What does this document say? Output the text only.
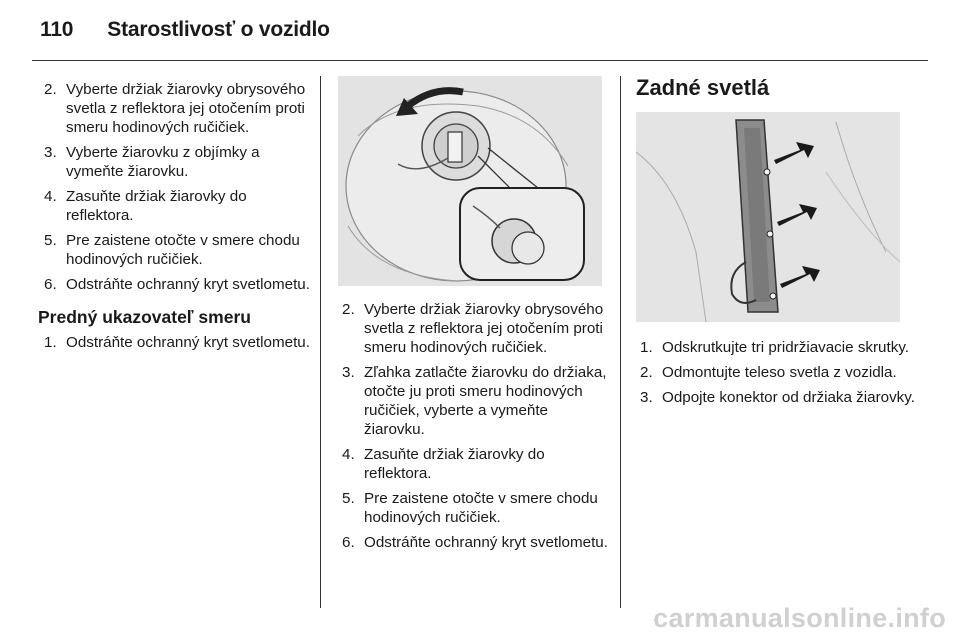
110 Starostlivosť o vozidlo
2. Vyberte držiak žiarovky obrysového svetla z reflektora jej otočením proti smeru hodinových ručičiek.
3. Vyberte žiarovku z objímky a vymeňte žiarovku.
4. Zasuňte držiak žiarovky do reflektora.
5. Pre zaistene otočte v smere chodu hodinových ručičiek.
6. Odstráňte ochranný kryt svetlometu.
Predný ukazovateľ smeru
1. Odstráňte ochranný kryt svetlometu.
2. Vyberte držiak žiarovky obrysového svetla z reflektora jej otočením proti smeru hodinových ručičiek.
3. Zľahka zatlačte žiarovku do držiaka, otočte ju proti smeru hodinových ručičiek, vyberte a vymeňte žiarovku.
4. Zasuňte držiak žiarovky do reflektora.
5. Pre zaistene otočte v smere chodu hodinových ručičiek.
6. Odstráňte ochranný kryt svetlometu.
Zadné svetlá
1. Odskrutkujte tri pridržiavacie skrutky.
2. Odmontujte teleso svetla z vozidla.
3. Odpojte konektor od držiaka žiarovky.
carmanualsonline.info
